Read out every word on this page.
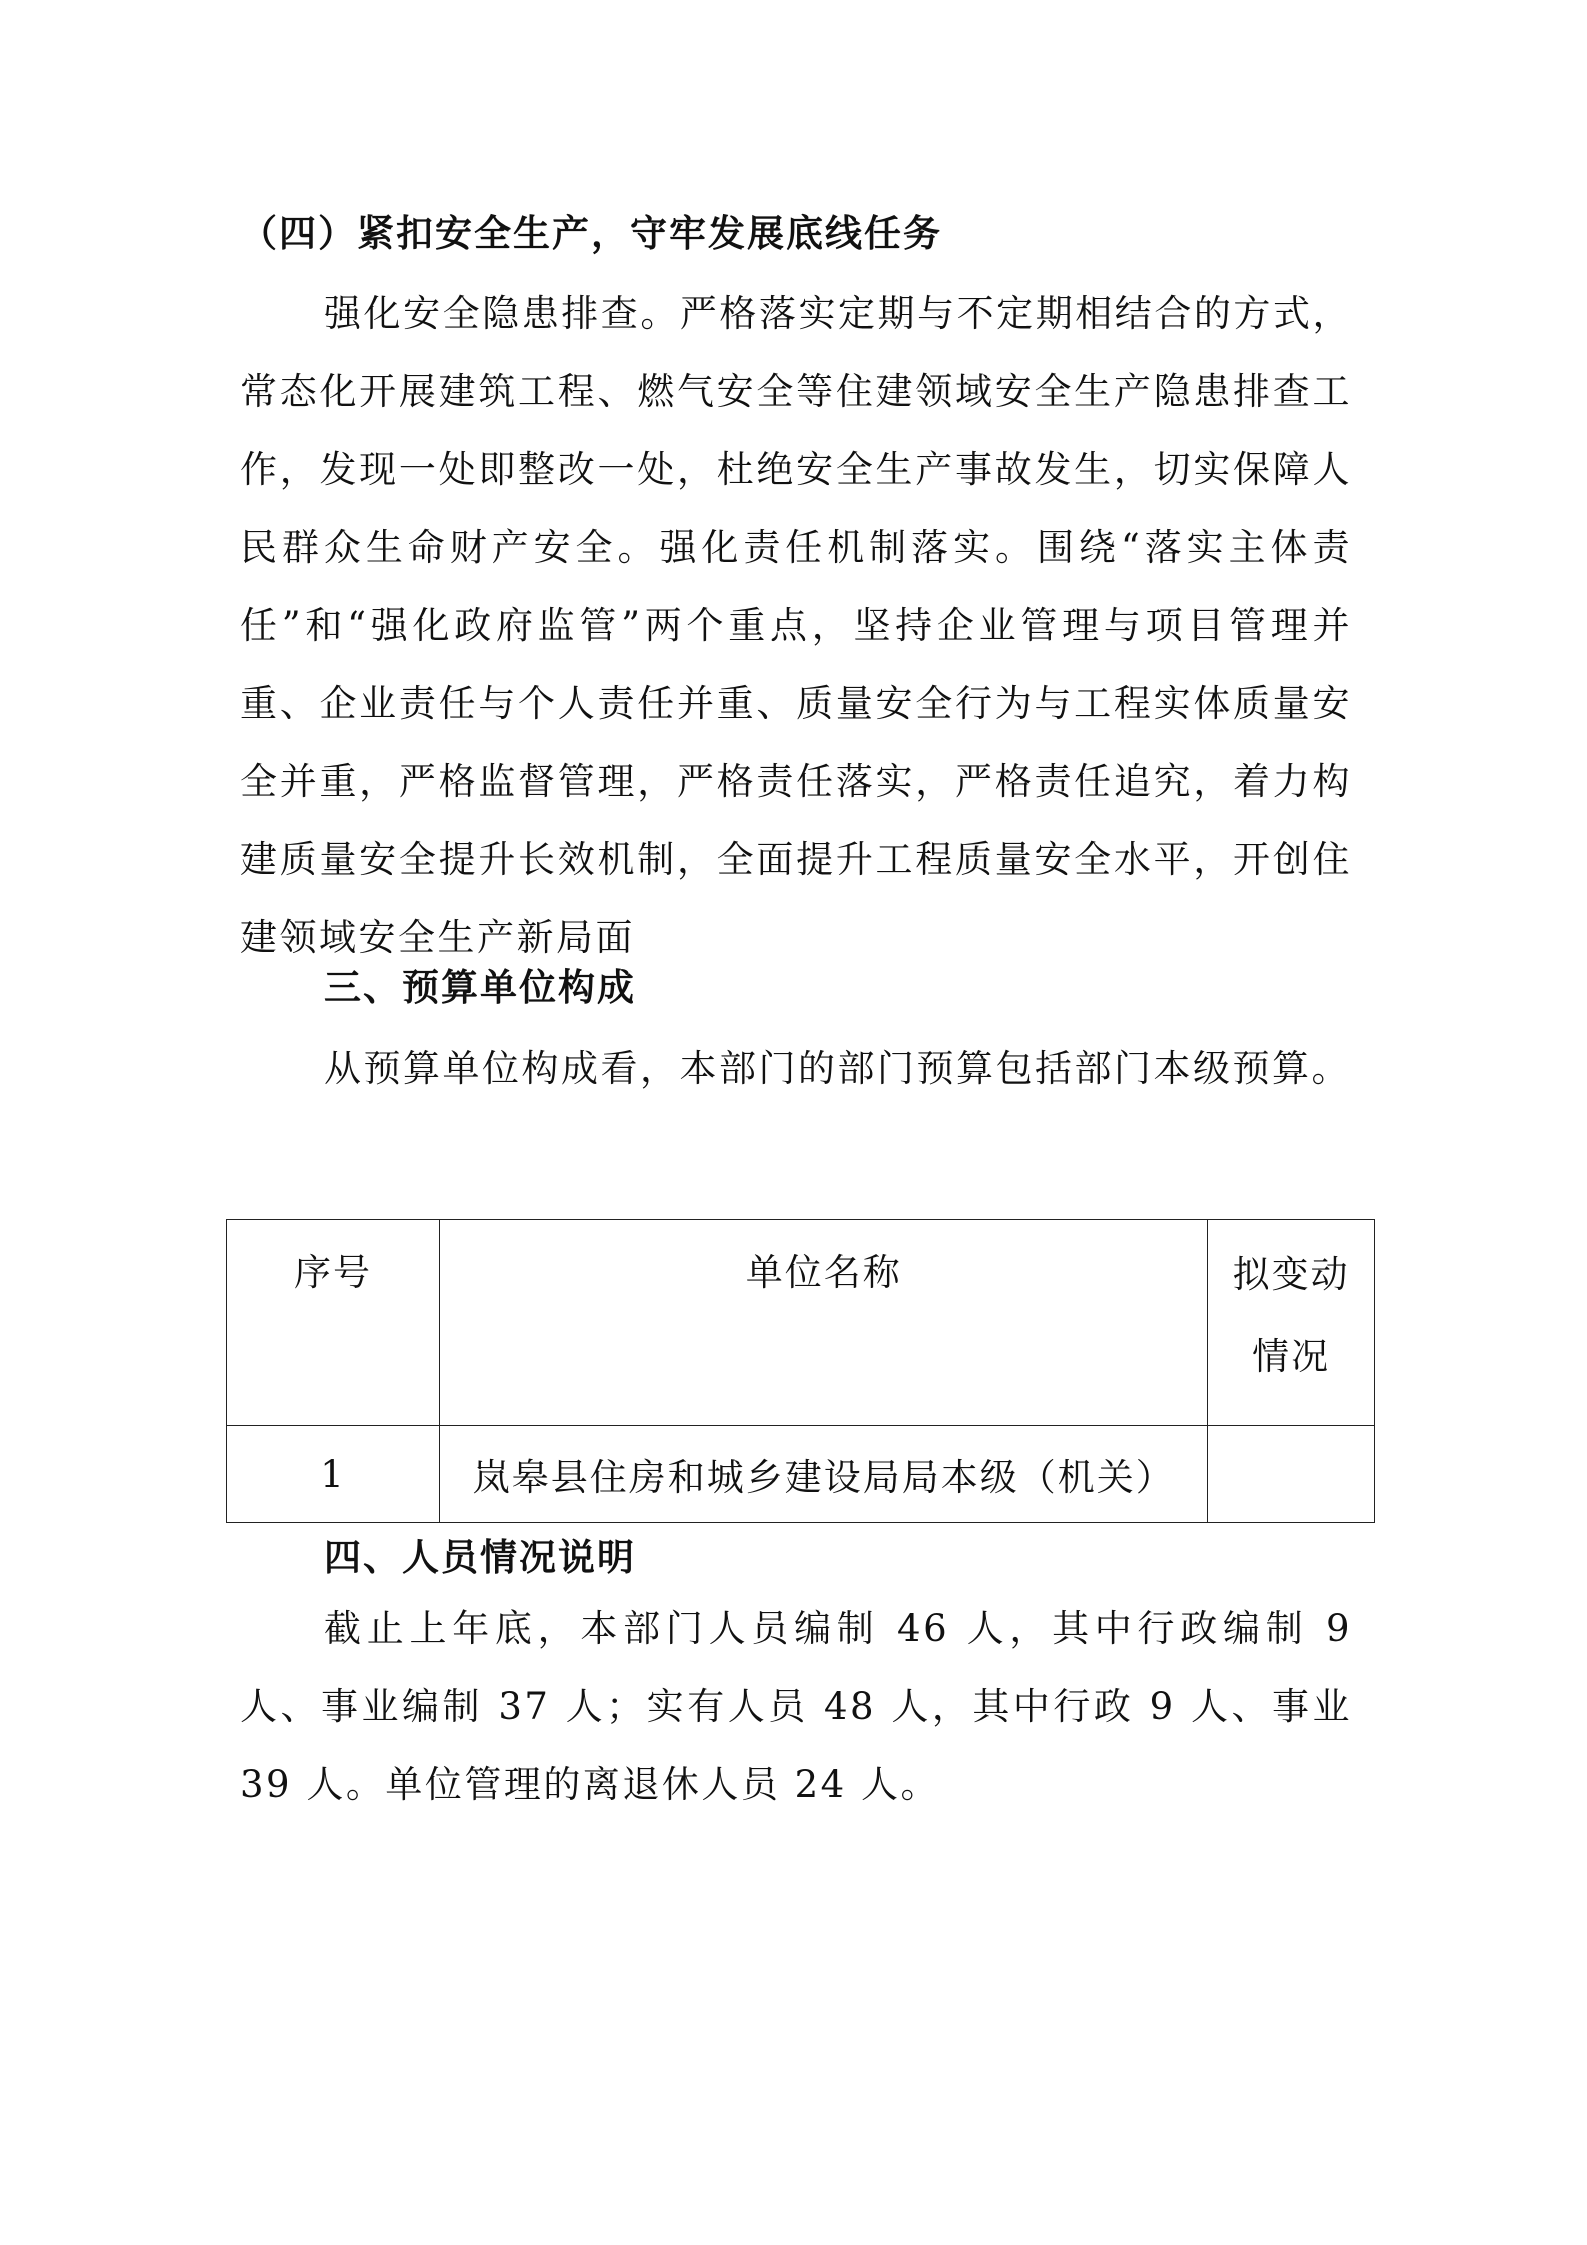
（四）紧扣安全生产，守牢发展底线任务

强化安全隐患排查。严格落实定期与不定期相结合的方式，常态化开展建筑工程、燃气安全等住建领域安全生产隐患排查工作，发现一处即整改一处，杜绝安全生产事故发生，切实保障人民群众生命财产安全。强化责任机制落实。围绕“落实主体责任”和“强化政府监管”两个重点，坚持企业管理与项目管理并重、企业责任与个人责任并重、质量安全行为与工程实体质量安全并重，严格监督管理，严格责任落实，严格责任追究，着力构建质量安全提升长效机制，全面提升工程质量安全水平，开创住建领域安全生产新局面

三、预算单位构成

从预算单位构成看，本部门的部门预算包括部门本级预算。

序号	单位名称	拟变动情况
1	岚皋县住房和城乡建设局局本级（机关）	
四、人员情况说明

截止上年底，本部门人员编制 46 人，其中行政编制 9 人、事业编制 37 人；实有人员 48 人，其中行政 9 人、事业 39 人。单位管理的离退休人员 24 人。
